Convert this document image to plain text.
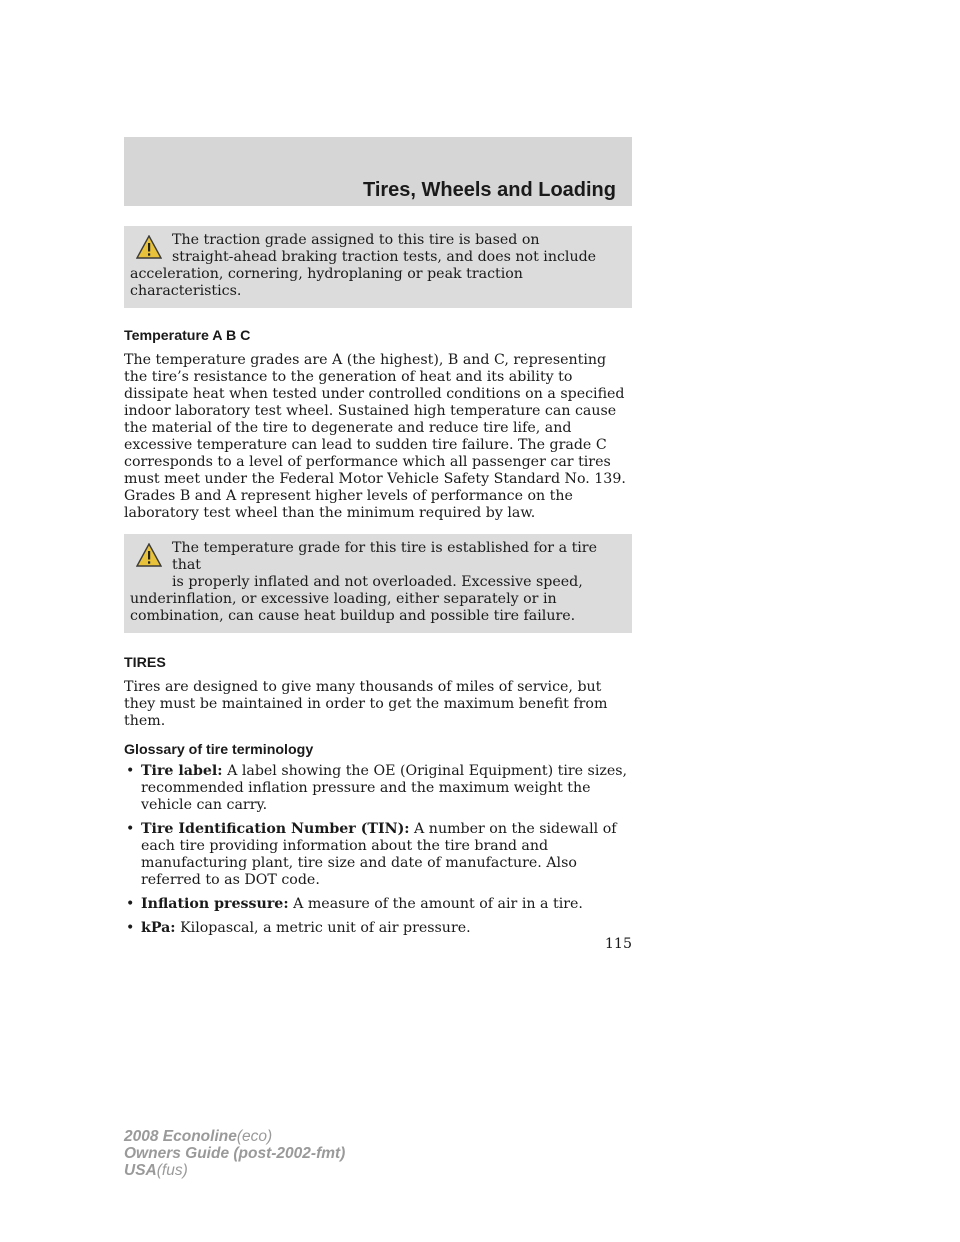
Tires, Wheels and Loading
The traction grade assigned to this tire is based on
straight-ahead braking traction tests, and does not include
acceleration, cornering, hydroplaning or peak traction characteristics.
Temperature A B C

The temperature grades are A (the highest), B and C, representing the tire’s resistance to the generation of heat and its ability to dissipate heat when tested under controlled conditions on a specified indoor laboratory test wheel. Sustained high temperature can cause the material of the tire to degenerate and reduce tire life, and excessive temperature can lead to sudden tire failure. The grade C corresponds to a level of performance which all passenger car tires must meet under the Federal Motor Vehicle Safety Standard No. 139. Grades B and A represent higher levels of performance on the laboratory test wheel than the minimum required by law.

The temperature grade for this tire is established for a tire that
is properly inflated and not overloaded. Excessive speed,
underinflation, or excessive loading, either separately or in
combination, can cause heat buildup and possible tire failure.
TIRES

Tires are designed to give many thousands of miles of service, but they must be maintained in order to get the maximum benefit from them.

Glossary of tire terminology
• Tire label: A label showing the OE (Original Equipment) tire sizes, recommended inflation pressure and the maximum weight the vehicle can carry.
• Tire Identification Number (TIN): A number on the sidewall of each tire providing information about the tire brand and manufacturing plant, tire size and date of manufacture. Also referred to as DOT code.
• Inflation pressure: A measure of the amount of air in a tire.
• kPa: Kilopascal, a metric unit of air pressure.
115
2008 Econoline(eco)
Owners Guide (post-2002-fmt)
USA(fus)
